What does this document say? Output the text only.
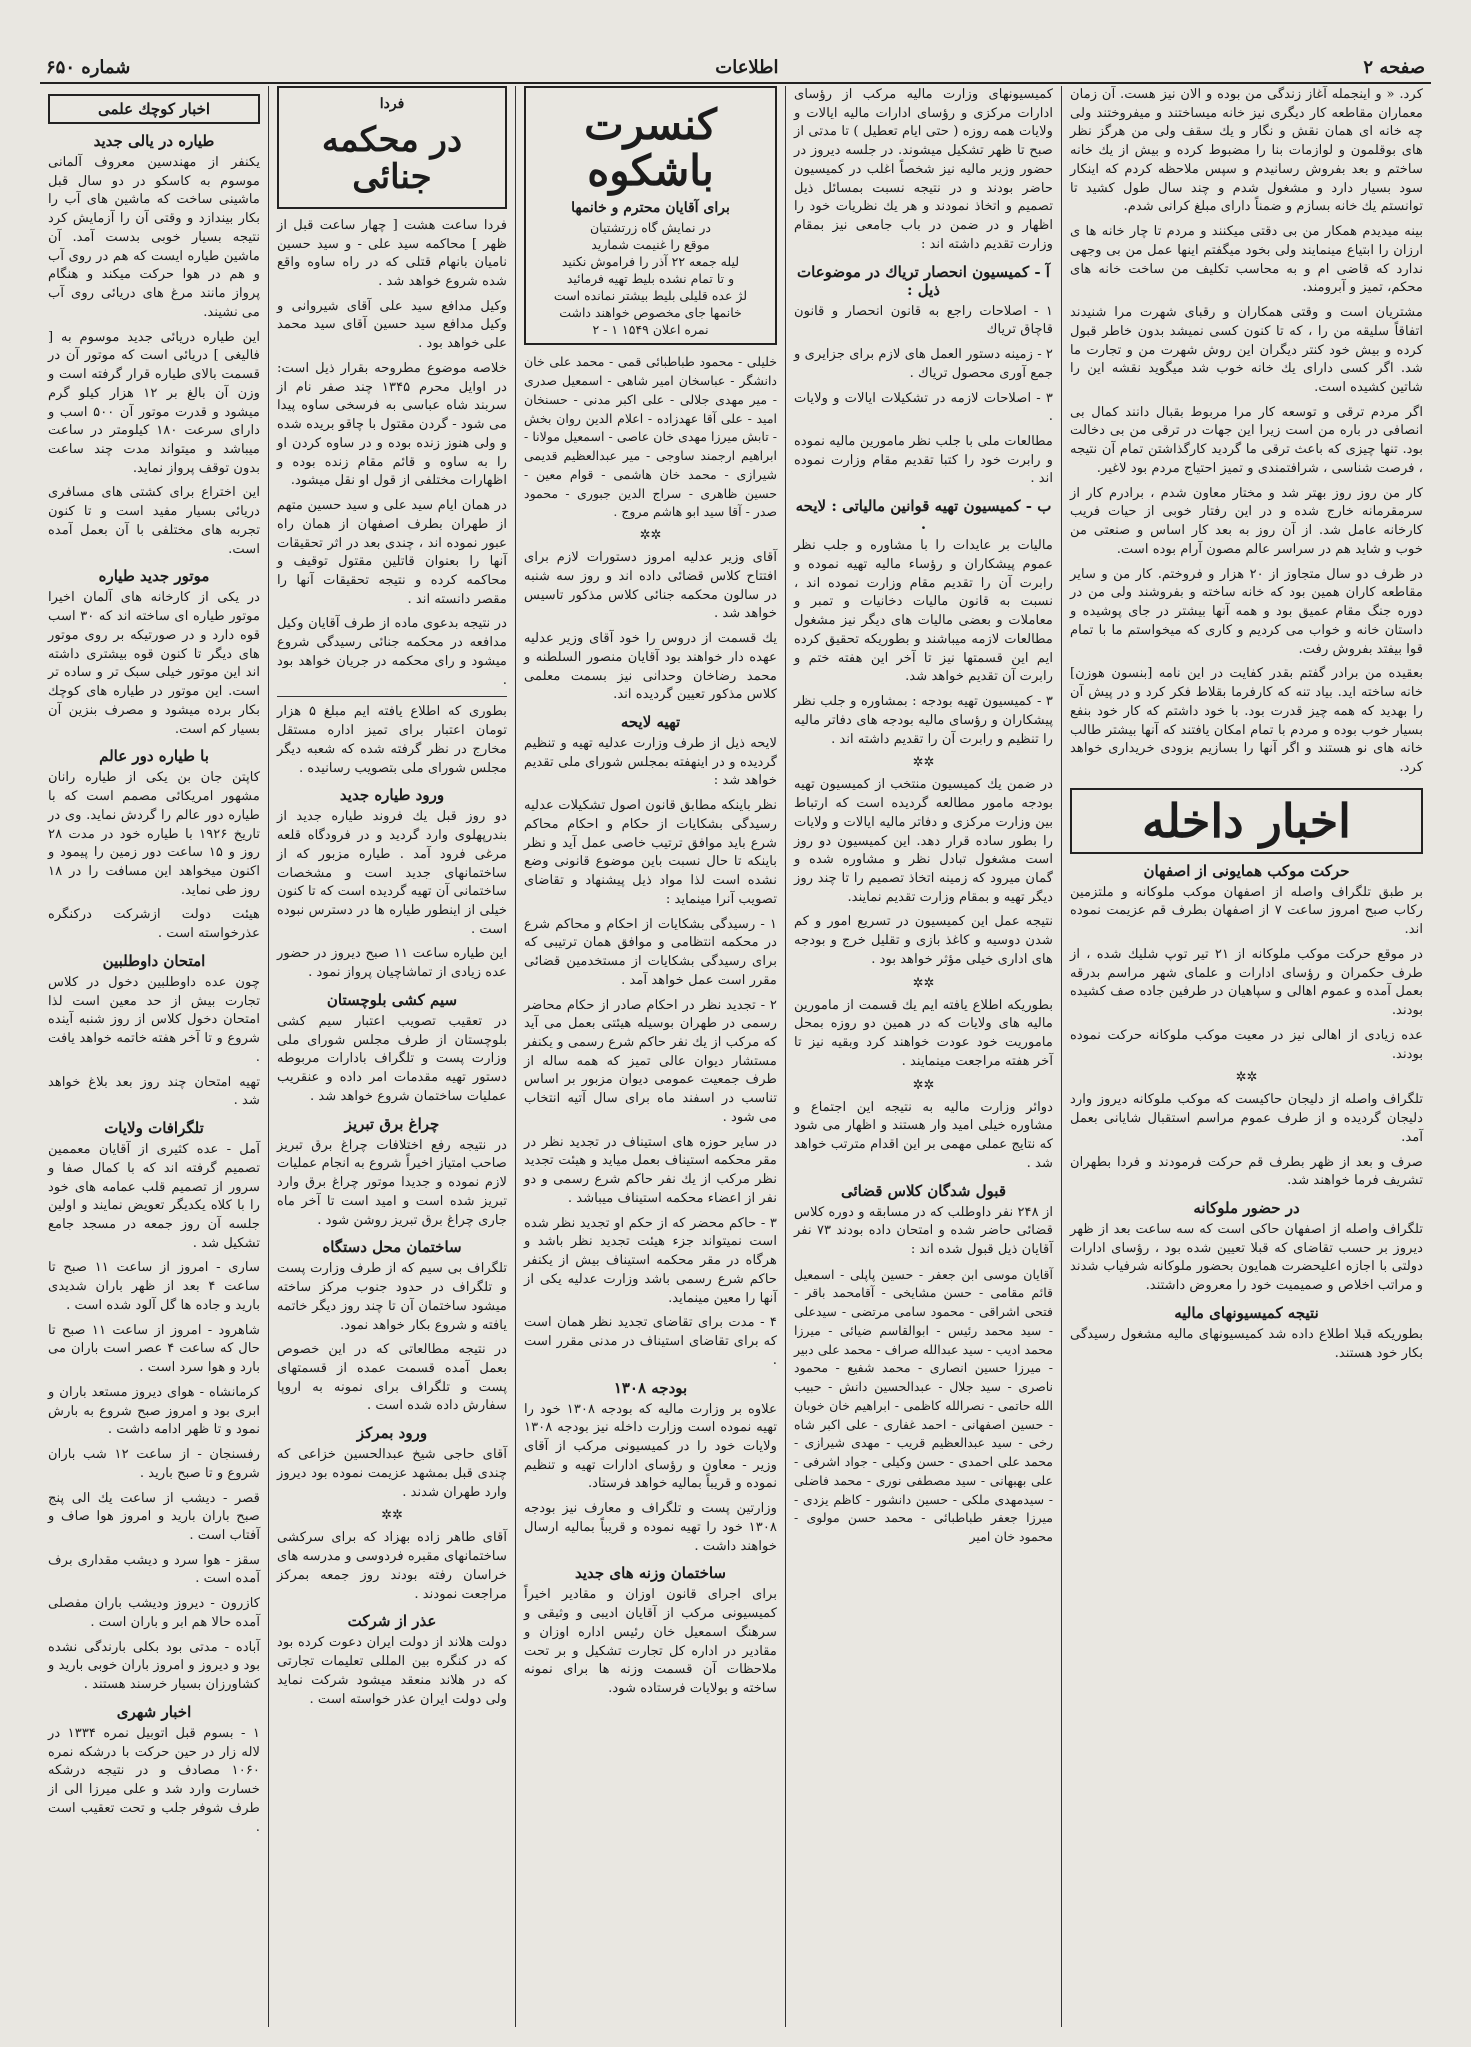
صفحه ۲
اطلاعات
شماره ۶۵۰

کرد. « و اینجمله آغاز زندگی من بوده و الان نیز هست. آن زمان معماران مقاطعه کار دیگری نیز خانه میساختند و میفروختند ولی چه خانه ای همان نقش و نگار و یك سقف ولی من هرگز نظر های بوقلمون و لوازمات بنا را مضبوط کرده و بیش از یك خانه ساختم و بعد بفروش رسانیدم و سپس ملاحظه کردم که اینکار سود بسیار دارد و مشغول شدم و چند سال طول کشید تا توانستم یك خانه بسازم و ضمناً دارای مبلغ کرانی شدم.

بینه میدیدم همکار من بی دقتی میکنند و مردم تا چار خانه ها ی ارزان را ابتیاع مینمایند ولی بخود میگفتم اینها عمل من بی وجهی ندارد که قاضی ام و به محاسب تکلیف من ساخت خانه های محکم، تمیز و آبرومند.

مشتریان است و وقتی همکاران و رقبای شهرت مرا شنیدند اتفاقاً سلیقه من را ، که تا کنون کسی نمیشد بدون خاطر قبول کرده و بیش خود کنتر دیگران این روش شهرت من و تجارت ما شد. اگر کسی دارای یك خانه خوب شد میگوید نقشه این را شاتین کشیده است.

اگر مردم ترقی و توسعه کار مرا مربوط بقبال دانند کمال بی انصافی در باره من است زیرا این جهات در ترقی من بی دخالت بود. تنها چیزی که باعث ترقی ما گردید کارگذاشتن تمام آن نتیجه ، فرصت شناسی ، شرافتمندی و تمیز احتیاج مردم بود لاغیر.

کار من روز روز بهتر شد و مختار معاون شدم ، برادرم کار از سرمقرمانه خارج شده و در این رفتار خوبی از حیات فریب کارخانه عامل شد. از آن روز به بعد کار اساس و صنعتی من خوب و شاید هم در سراسر عالم مصون آرام بوده است.

در ظرف دو سال متجاوز از ۲۰ هزار و فروختم. کار من و سایر مقاطعه کاران همین بود که خانه ساخته و بفروشند ولی من در دوره جنگ مقام عمیق بود و همه آنها بیشتر در جای پوشیده و داستان خانه و خواب می کردیم و کاری که میخواستم ما با تمام قوا بیفتد بفروش رفت.

بعقیده من برادر گفتم بقدر کفایت در این نامه [بنسون هوزن] خانه ساخته اید. بیاد تنه که کارفرما بقلاط فکر کرد و در پیش آن را بهدید که همه چیز قدرت بود. با خود داشتم که کار خود بنفع بسیار خوب بوده و مردم با تمام امکان یافتند که آنها بیشتر طالب خانه های نو هستند و اگر آنها را بسازیم بزودی خریداری خواهد کرد.

اخبار داخله
حرکت موکب همایونی از اصفهان

بر طبق تلگراف واصله از اصفهان موکب ملوکانه و ملتزمین رکاب صبح امروز ساعت ۷ از اصفهان بطرف قم عزیمت نموده اند.

در موقع حرکت موکب ملوکانه از ۲۱ تیر توپ شلیك شده ، از طرف حکمران و رؤسای ادارات و علمای شهر مراسم بدرقه بعمل آمده و عموم اهالی و سپاهیان در طرفین جاده صف کشیده بودند.

عده زیادی از اهالی نیز در معیت موکب ملوکانه حرکت نموده بودند.

✲✲

تلگراف واصله از دلیجان حاکیست که موکب ملوکانه دیروز وارد دلیجان گردیده و از طرف عموم مراسم استقبال شایانی بعمل آمد.

صرف و بعد از ظهر بطرف قم حرکت فرمودند و فردا بطهران تشریف فرما خواهند شد.

در حضور ملوکانه

تلگراف واصله از اصفهان حاکی است که سه ساعت بعد از ظهر دیروز بر حسب تقاضای که قبلا تعیین شده بود ، رؤسای ادارات دولتی با اجازه اعلیحضرت همایون بحضور ملوکانه شرفیاب شدند و مراتب اخلاص و صمیمیت خود را معروض داشتند.

نتیجه کمیسیونهای مالیه

بطوریکه قبلا اطلاع داده شد کمیسیونهای مالیه مشغول رسیدگی بکار خود هستند.

کمیسیونهای وزارت مالیه مرکب از رؤسای ادارات مرکزی و رؤسای ادارات مالیه ایالات و ولایات همه روزه ( حتی ایام تعطیل ) تا مدتی از صبح تا ظهر تشکیل میشوند. در جلسه دیروز در حضور وزیر مالیه نیز شخصاً اغلب در کمیسیون حاضر بودند و در نتیجه نسبت بمسائل ذیل تصمیم و اتخاذ نمودند و هر یك نظریات خود را اظهار و در ضمن در باب جامعی نیز بمقام وزارت تقدیم داشته اند :

آ - کمیسیون انحصار تریاك در موضوعات ذیل :

۱ - اصلاحات راجع به قانون انحصار و قانون قاچاق تریاك

۲ - زمینه دستور العمل های لازم برای جزایری و جمع آوری محصول تریاك .

۳ - اصلاحات لازمه در تشکیلات ایالات و ولایات .

مطالعات ملی با جلب نظر مامورین مالیه نموده و رابرت خود را کتبا تقدیم مقام وزارت نموده اند .

ب - کمیسیون تهیه قوانین مالیاتی : لایحه .

مالیات بر عایدات را با مشاوره و جلب نظر عموم پیشکاران و رؤساء مالیه تهیه نموده و رابرت آن را تقدیم مقام وزارت نموده اند ، نسبت به قانون مالیات دخانیات و تمبر و معاملات و بعضی مالیات های دیگر نیز مشغول مطالعات لازمه میباشند و بطوریکه تحقیق کرده ایم این قسمتها نیز تا آخر این هفته ختم و رابرت آن تقدیم خواهد شد.

۳ - کمیسیون تهیه بودجه : بمشاوره و جلب نظر پیشکاران و رؤسای مالیه بودجه های دفاتر مالیه را تنظیم و رابرت آن را تقدیم داشته اند .

✲✲

در ضمن یك کمیسیون منتخب از کمیسیون تهیه بودجه مامور مطالعه گردیده است که ارتباط بین وزارت مرکزی و دفاتر مالیه ایالات و ولایات را بطور ساده قرار دهد. این کمیسیون دو روز است مشغول تبادل نظر و مشاوره شده و گمان میرود که زمینه اتخاذ تصمیم را تا چند روز دیگر تهیه و بمقام وزارت تقدیم نمایند.

نتیجه عمل این کمیسیون در تسریع امور و کم شدن دوسیه و کاغذ بازی و تقلیل خرج و بودجه های اداری خیلی مؤثر خواهد بود .

✲✲

بطوریکه اطلاع یافته ایم یك قسمت از مامورین مالیه های ولایات که در همین دو روزه بمحل ماموریت خود عودت خواهند کرد وبقیه نیز تا آخر هفته مراجعت مینمایند .

✲✲

دوائر وزارت مالیه به نتیجه این اجتماع و مشاوره خیلی امید وار هستند و اظهار می شود که نتایج عملی مهمی بر این اقدام مترتب خواهد شد .

قبول شدگان کلاس قضائی

از ۲۴۸ نفر داوطلب که در مسابقه و دوره کلاس قضائی حاضر شده و امتحان داده بودند ۷۳ نفر آقایان ذیل قبول شده اند :

آقایان موسی ابن جعفر - حسین پاپلی - اسمعیل قائم مقامی - حسن مشایخی - آقامحمد باقر - فتحی اشراقی - محمود سامی مرتضی - سیدعلی - سید محمد رئیس - ابوالقاسم ضیائی - میرزا محمد ادیب - سید عبدالله صراف - محمد علی دبیر - میرزا حسین انصاری - محمد شفیع - محمود ناصری - سید جلال - عبدالحسین دانش - حبیب الله حاتمی - نصرالله کاظمی - ابراهیم خان خوبان - حسین اصفهانی - احمد غفاری - علی اکبر شاه رخی - سید عبدالعظیم قریب - مهدی شیرازی - محمد علی احمدی - حسن وکیلی - جواد اشرفی - علی بهبهانی - سید مصطفی نوری - محمد فاضلی - سیدمهدی ملکی - حسین دانشور - کاظم یزدی - میرزا جعفر طباطبائی - محمد حسن مولوی - محمود خان امیر

کنسرت باشکوه
برای آقایان محترم و خانمها
در نمایش گاه زرتشتیان
موقع را غنیمت شمارید
لیله جمعه ۲۲ آذر را فراموش نکنید
و تا تمام نشده بلیط تهیه فرمائید
لژ عده قلیلی بلیط بیشتر نمانده است
خانمها جای مخصوص خواهند داشت
نمره اعلان ۱۵۴۹ ۱ - ۲

خلیلی - محمود طباطبائی قمی - محمد علی خان دانشگر - عباسخان امیر شاهی - اسمعیل صدری - میر مهدی جلالی - علی اکبر مدنی - حسنخان امید - علی آقا عهدزاده - اعلام الدین روان بخش - تابش میرزا مهدی خان عاصی - اسمعیل مولانا - ابراهیم ارجمند ساوجی - میر عبدالعظیم قدیمی شیرازی - محمد خان هاشمی - قوام معین - حسین ظاهری - سراج الدین جبوری - محمود صدر - آقا سید ابو هاشم مروج .

✲✲

آقای وزیر عدلیه امروز دستورات لازم برای افتتاح کلاس قضائی داده اند و روز سه شنبه در سالون محکمه جنائی کلاس مذکور تاسیس خواهد شد .

یك قسمت از دروس را خود آقای وزیر عدلیه عهده دار خواهند بود آقایان منصور السلطنه و محمد رضاخان وحدانی نیز بسمت معلمی کلاس مذکور تعیین گردیده اند.

تهیه لایحه

لایحه ذیل از طرف وزارت عدلیه تهیه و تنظیم گردیده و در اینهفته بمجلس شورای ملی تقدیم خواهد شد :

نظر باینکه مطابق قانون اصول تشکیلات عدلیه رسیدگی بشکایات از حکام و احکام محاکم شرع باید موافق ترتیب خاصی عمل آید و نظر باینکه تا حال نسبت باین موضوع قانونی وضع نشده است لذا مواد ذیل پیشنهاد و تقاضای تصویب آنرا مینماید :

۱ - رسیدگی بشکایات از احکام و محاکم شرع در محکمه انتظامی و موافق همان ترتیبی که برای رسیدگی بشکایات از مستخدمین قضائی مقرر است عمل خواهد آمد .

۲ - تجدید نظر در احکام صادر از حکام محاضر رسمی در طهران بوسیله هیئتی بعمل می آید که مرکب از یك نفر حاکم شرع رسمی و یکنفر مستشار دیوان عالی تمیز که همه ساله از طرف جمعیت عمومی دیوان مزبور بر اساس تناسب در اسفند ماه برای سال آتیه انتخاب می شود .

در سایر حوزه های استیناف در تجدید نظر در مقر محکمه استیناف بعمل میاید و هیئت تجدید نظر مرکب از یك نفر حاکم شرع رسمی و دو نفر از اعضاء محکمه استیناف میباشد .

۳ - حاکم محضر که از حکم او تجدید نظر شده است نمیتواند جزء هیئت تجدید نظر باشد و هرگاه در مقر محکمه استیناف بیش از یکنفر حاکم شرع رسمی باشد وزارت عدلیه یکی از آنها را معین مینماید.

۴ - مدت برای تقاضای تجدید نظر همان است که برای تقاضای استیناف در مدنی مقرر است .

بودجه ۱۳۰۸

علاوه بر وزارت مالیه که بودجه ۱۳۰۸ خود را تهیه نموده است وزارت داخله نیز بودجه ۱۳۰۸ ولایات خود را در کمیسیونی مرکب از آقای وزیر - معاون و رؤسای ادارات تهیه و تنظیم نموده و قریباً بمالیه خواهد فرستاد.

وزارتین پست و تلگراف و معارف نیز بودجه ۱۳۰۸ خود را تهیه نموده و قریباً بمالیه ارسال خواهند داشت .

ساختمان وزنه های جدید

برای اجرای قانون اوزان و مقادیر اخیراً کمیسیونی مرکب از آقایان ادیبی و وثیقی و سرهنگ اسمعیل خان رئیس اداره اوزان و مقادیر در اداره کل تجارت تشکیل و بر تحت ملاحظات آن قسمت وزنه ها برای نمونه ساخته و بولایات فرستاده شود.

فردا
در محکمه جنائی

فردا ساعت هشت [ چهار ساعت قبل از ظهر ] محاکمه سید علی - و سید حسین نامیان بانهام قتلی که در راه ساوه واقع شده شروع خواهد شد .

وکیل مدافع سید علی آقای شیروانی و وکیل مدافع سید حسین آقای سید محمد علی خواهد بود .

خلاصه موضوع مطروحه بقرار ذیل است: در اوایل محرم ۱۳۴۵ چند صفر نام از سربند شاه عباسی به فرسخی ساوه پیدا می شود - گردن مقتول با چاقو بریده شده و ولی هنوز زنده بوده و در ساوه کردن او را به ساوه و قائم مقام زنده بوده و اظهارات مختلفی از قول او نقل میشود.

در همان ایام سید علی و سید حسین متهم از طهران بطرف اصفهان از همان راه عبور نموده اند ، چندی بعد در اثر تحقیقات آنها را بعنوان قاتلین مقتول توقیف و محاکمه کرده و نتیجه تحقیقات آنها را مقصر دانسته اند .

در نتیجه بدعوی ماده از طرف آقایان وکیل مدافعه در محکمه جنائی رسیدگی شروع میشود و رای محکمه در جریان خواهد بود .

بطوری که اطلاع یافته ایم مبلغ ۵ هزار تومان اعتبار برای تمیز اداره مستقل مخارج در نظر گرفته شده که شعبه دیگر مجلس شورای ملی بتصویب رسانیده .

ورود طیاره جدید

دو روز قبل یك فروند طیاره جدید از بندرپهلوی وارد گردید و در فرودگاه قلعه مرغی فرود آمد . طیاره مزبور که از ساختمانهای جدید است و مشخصات ساختمانی آن تهیه گردیده است که تا کنون خیلی از اینطور طیاره ها در دسترس نبوده است .

این طیاره ساعت ۱۱ صبح دیروز در حضور عده زیادی از تماشاچیان پرواز نمود .

سیم کشی بلوچستان

در تعقیب تصویب اعتبار سیم کشی بلوچستان از طرف مجلس شورای ملی وزارت پست و تلگراف بادارات مربوطه دستور تهیه مقدمات امر داده و عنقریب عملیات ساختمان شروع خواهد شد .

چراغ برق تبریز

در نتیجه رفع اختلافات چراغ برق تبریز صاحب امتیاز اخیراً شروع به انجام عملیات لازم نموده و جدیدا موتور چراغ برق وارد تبریز شده است و امید است تا آخر ماه جاری چراغ برق تبریز روشن شود .

ساختمان محل دستگاه

تلگراف بی سیم که از طرف وزارت پست و تلگراف در حدود جنوب مرکز ساخته میشود ساختمان آن تا چند روز دیگر خاتمه یافته و شروع بکار خواهد نمود.

در نتیجه مطالعاتی که در این خصوص بعمل آمده قسمت عمده از قسمتهای پست و تلگراف برای نمونه به اروپا سفارش داده شده است .

ورود بمرکز

آقای حاجی شیخ عبدالحسین خزاعی که چندی قبل بمشهد عزیمت نموده بود دیروز وارد طهران شدند .

✲✲

آقای طاهر زاده بهزاد که برای سرکشی ساختمانهای مقبره فردوسی و مدرسه های خراسان رفته بودند روز جمعه بمرکز مراجعت نمودند .

عذر از شرکت

دولت هلاند از دولت ایران دعوت کرده بود که در کنگره بین المللی تعلیمات تجارتی که در هلاند منعقد میشود شرکت نماید ولی دولت ایران عذر خواسته است .

اخبار کوچك علمی
طیاره در یالی جدید

یکنفر از مهندسین معروف آلمانی موسوم به کاسکو در دو سال قبل ماشینی ساخت که ماشین های آب را بکار بیندازد و وقتی آن را آزمایش کرد نتیجه بسیار خوبی بدست آمد. آن ماشین طیاره ایست که هم در روی آب و هم در هوا حرکت میکند و هنگام پرواز مانند مرغ های دریائی روی آب می نشیند.

این طیاره دریائی جدید موسوم به [ فالیغی ] دریائی است که موتور آن در قسمت بالای طیاره قرار گرفته است و وزن آن بالغ بر ۱۲ هزار کیلو گرم میشود و قدرت موتور آن ۵۰۰ اسب و دارای سرعت ۱۸۰ کیلومتر در ساعت میباشد و میتواند مدت چند ساعت بدون توقف پرواز نماید.

این اختراع برای کشتی های مسافری دریائی بسیار مفید است و تا کنون تجربه های مختلفی با آن بعمل آمده است.

موتور جدید طیاره

در یکی از کارخانه های آلمان اخیرا موتور طیاره ای ساخته اند که ۳۰ اسب قوه دارد و در صورتیکه بر روی موتور های دیگر تا کنون قوه بیشتری داشته اند این موتور خیلی سبک تر و ساده تر است. این موتور در طیاره های کوچك بکار برده میشود و مصرف بنزین آن بسیار کم است.

با طیاره دور عالم

کاپتن جان بن یکی از طیاره رانان مشهور امریکائی مصمم است که با طیاره دور عالم را گردش نماید. وی در تاریخ ۱۹۲۶ با طیاره خود در مدت ۲۸ روز و ۱۵ ساعت دور زمین را پیمود و اکنون میخواهد این مسافت را در ۱۸ روز طی نماید.

هیئت دولت ازشرکت درکنگره عذرخواسته است .

امتحان داوطلبین

چون عده داوطلبین دخول در کلاس تجارت بیش از حد معین است لذا امتحان دخول کلاس از روز شنبه آینده شروع و تا آخر هفته خاتمه خواهد یافت .

تهیه امتحان چند روز بعد بلاغ خواهد شد .

تلگرافات ولایات

آمل - عده کثیری از آقایان معممین تصمیم گرفته اند که با کمال صفا و سرور از تصمیم قلب عمامه های خود را با کلاه یکدیگر تعویض نمایند و اولین جلسه آن روز جمعه در مسجد جامع تشکیل شد .

ساری - امروز از ساعت ۱۱ صبح تا ساعت ۴ بعد از ظهر باران شدیدی بارید و جاده ها گل آلود شده است .

شاهرود - امروز از ساعت ۱۱ صبح تا حال که ساعت ۴ عصر است باران می بارد و هوا سرد است .

کرمانشاه - هوای دیروز مستعد باران و ابری بود و امروز صبح شروع به بارش نمود و تا ظهر ادامه داشت .

رفسنجان - از ساعت ۱۲ شب باران شروع و تا صبح بارید .

قصر - دیشب از ساعت یك الی پنج صبح باران بارید و امروز هوا صاف و آفتاب است .

سقز - هوا سرد و دیشب مقداری برف آمده است .

کازرون - دیروز ودیشب باران مفصلی آمده حالا هم ابر و باران است .

آباده - مدتی بود بکلی بارندگی نشده بود و دیروز و امروز باران خوبی بارید و کشاورزان بسیار خرسند هستند .

اخبار شهری

۱ - بسوم قبل اتوبیل نمره ۱۳۳۴ در لاله زار در حین حرکت با درشکه نمره ۱۰۶۰ مصادف و در نتیجه درشکه خسارت وارد شد و علی میرزا الی از طرف شوفر جلب و تحت تعقیب است .
